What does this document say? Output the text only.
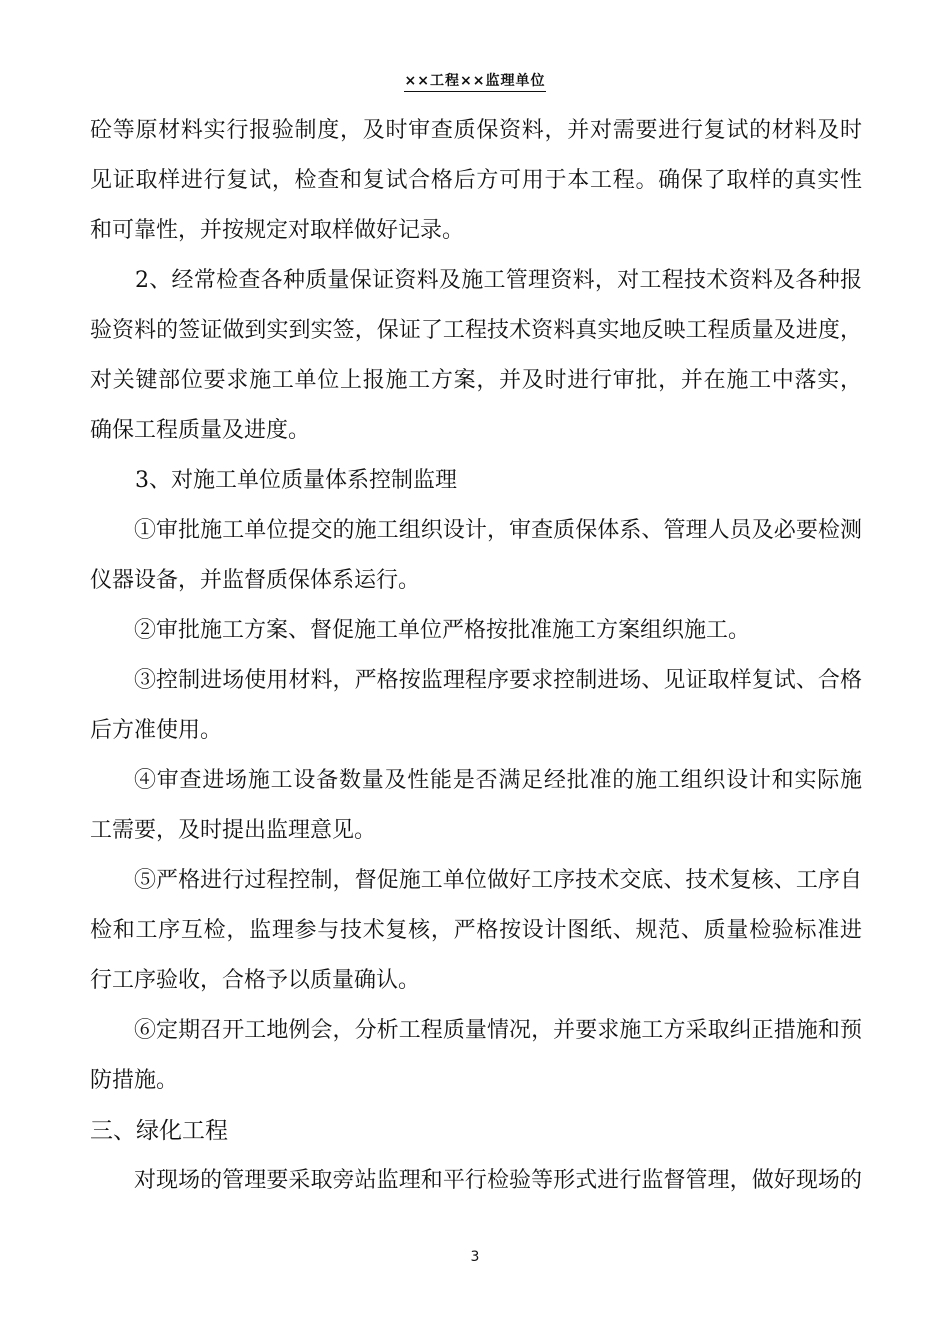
××工程××监理单位
砼等原材料实行报验制度，及时审查质保资料，并对需要进行复试的材料及时
见证取样进行复试，检查和复试合格后方可用于本工程。确保了取样的真实性
和可靠性，并按规定对取样做好记录。
2、经常检查各种质量保证资料及施工管理资料，对工程技术资料及各种报
验资料的签证做到实到实签，保证了工程技术资料真实地反映工程质量及进度，
对关键部位要求施工单位上报施工方案，并及时进行审批，并在施工中落实，
确保工程质量及进度。
3、对施工单位质量体系控制监理
①审批施工单位提交的施工组织设计，审查质保体系、管理人员及必要检测
仪器设备，并监督质保体系运行。
②审批施工方案、督促施工单位严格按批准施工方案组织施工。
③控制进场使用材料，严格按监理程序要求控制进场、见证取样复试、合格
后方准使用。
④审查进场施工设备数量及性能是否满足经批准的施工组织设计和实际施
工需要，及时提出监理意见。
⑤严格进行过程控制，督促施工单位做好工序技术交底、技术复核、工序自
检和工序互检，监理参与技术复核，严格按设计图纸、规范、质量检验标准进
行工序验收，合格予以质量确认。
⑥定期召开工地例会，分析工程质量情况，并要求施工方采取纠正措施和预
防措施。
三、绿化工程
对现场的管理要采取旁站监理和平行检验等形式进行监督管理，做好现场的
3
